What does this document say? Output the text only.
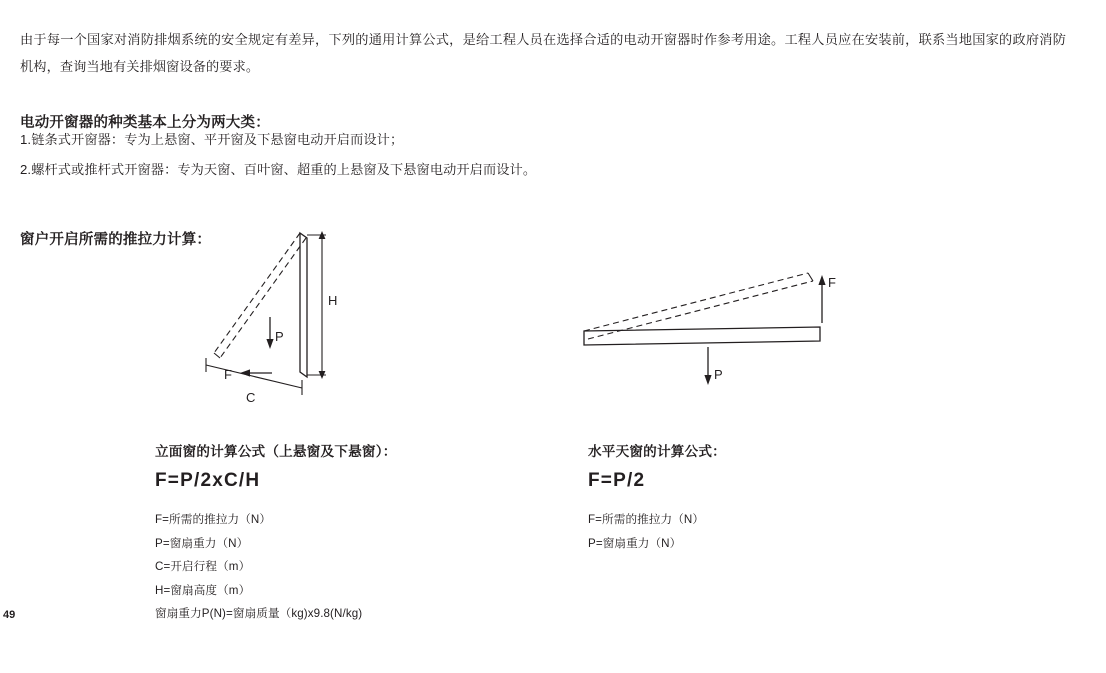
由于每一个国家对消防排烟系统的安全规定有差异，下列的通用计算公式，是给工程人员在选择合适的电动开窗器时作参考用途。工程人员应在安装前，联系当地国家的政府消防机构，查询当地有关排烟窗设备的要求。

电动开窗器的种类基本上分为两大类：
1.链条式开窗器：专为上悬窗、平开窗及下悬窗电动开启而设计；
2.螺杆式或推杆式开窗器：专为天窗、百叶窗、超重的上悬窗及下悬窗电动开启而设计。
窗户开启所需的推拉力计算：
H
P
F
C
F
P
立面窗的计算公式（上悬窗及下悬窗）：
F=P/2xC/H
F=所需的推拉力（N）
P=窗扇重力（N）
C=开启行程（m）
H=窗扇高度（m）
窗扇重力P(N)=窗扇质量（kg)x9.8(N/kg)
水平天窗的计算公式：
F=P/2
F=所需的推拉力（N）
P=窗扇重力（N）
49
